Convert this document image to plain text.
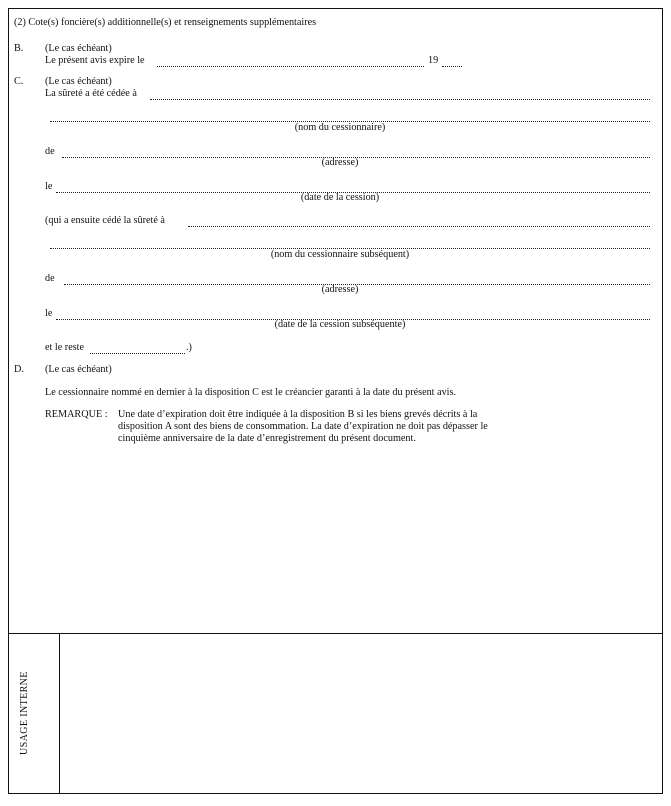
(2) Cote(s) foncière(s) additionnelle(s) et renseignements supplémentaires
B. (Le cas échéant)
Le présent avis expire le	19
C. (Le cas échéant)
La sûreté a été cédée à
(nom du cessionnaire)
de
(adresse)
le
(date de la cession)
(qui a ensuite cédé la sûreté à
(nom du cessionnaire subséquent)
de
(adresse)
le
(date de la cession subséquente)
et le reste	.)
D. (Le cas échéant)
Le cessionnaire nommé en dernier à la disposition C est le créancier garanti à la date du présent avis.
REMARQUE : Une date d’expiration doit être indiquée à la disposition B si les biens grevés décrits à la disposition A sont des biens de consommation. La date d’expiration ne doit pas dépasser le cinquième anniversaire de la date d’enregistrement du présent document.
USAGE INTERNE
